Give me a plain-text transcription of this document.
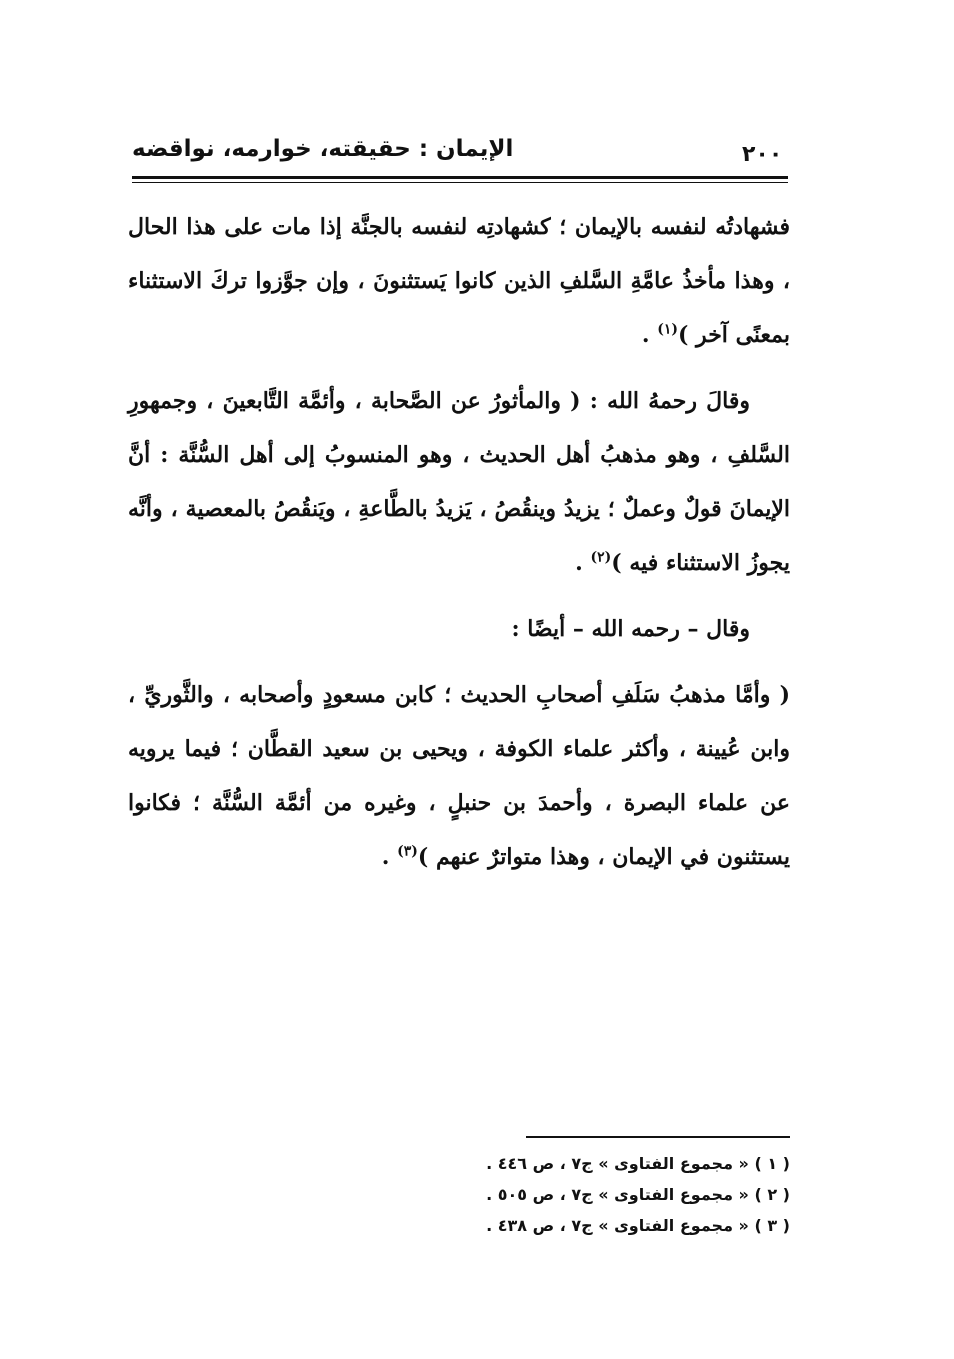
الإيمان : حقيقته، خوارمه، نواقضه	٢٠٠

فشهادتُه لنفسه بالإيمان ؛ كشهادتِه لنفسه بالجنَّة إذا مات على هذا الحال ، وهذا مأخذُ عامَّةِ السَّلفِ الذين كانوا يَستثنونَ ، وإن جوَّزوا تركَ الاستثناء بمعنًى آخر )$^{(١)}$ .

وقالَ رحمهُ الله : ( والمأثورُ عن الصَّحابة ، وأئمَّة التَّابعينَ ، وجمهورِ السَّلفِ ، وهو مذهبُ أهل الحديث ، وهو المنسوبُ إلى أهل السُّنَّة : أنَّ الإيمانَ قولٌ وعملٌ ؛ يزيدُ وينقُصُ ، يَزيدُ بالطَّاعةِ ، ويَنقُصُ بالمعصية ، وأنَّه يجوزُ الاستثناء فيه )$^{(٢)}$ .

وقال – رحمه الله – أيضًا :

( وأمَّا مذهبُ سَلَفِ أصحابِ الحديث ؛ كابن مسعودٍ وأصحابه ، والثَّوريِّ ، وابن عُيينة ، وأكثر علماء الكوفة ، ويحيى بن سعيد القطَّان ؛ فيما يرويه عن علماء البصرة ، وأحمدَ بن حنبلٍ ، وغيره من أئمَّة السُّنَّة ؛ فكانوا يستثنون في الإيمان ، وهذا متواترٌ عنهم )$^{(٣)}$ .

( ١ ) « مجموع الفتاوى » ج٧ ، ص ٤٤٦ .
( ٢ ) « مجموع الفتاوى » ج٧ ، ص ٥٠٥ .
( ٣ ) « مجموع الفتاوى » ج٧ ، ص ٤٣٨ .
